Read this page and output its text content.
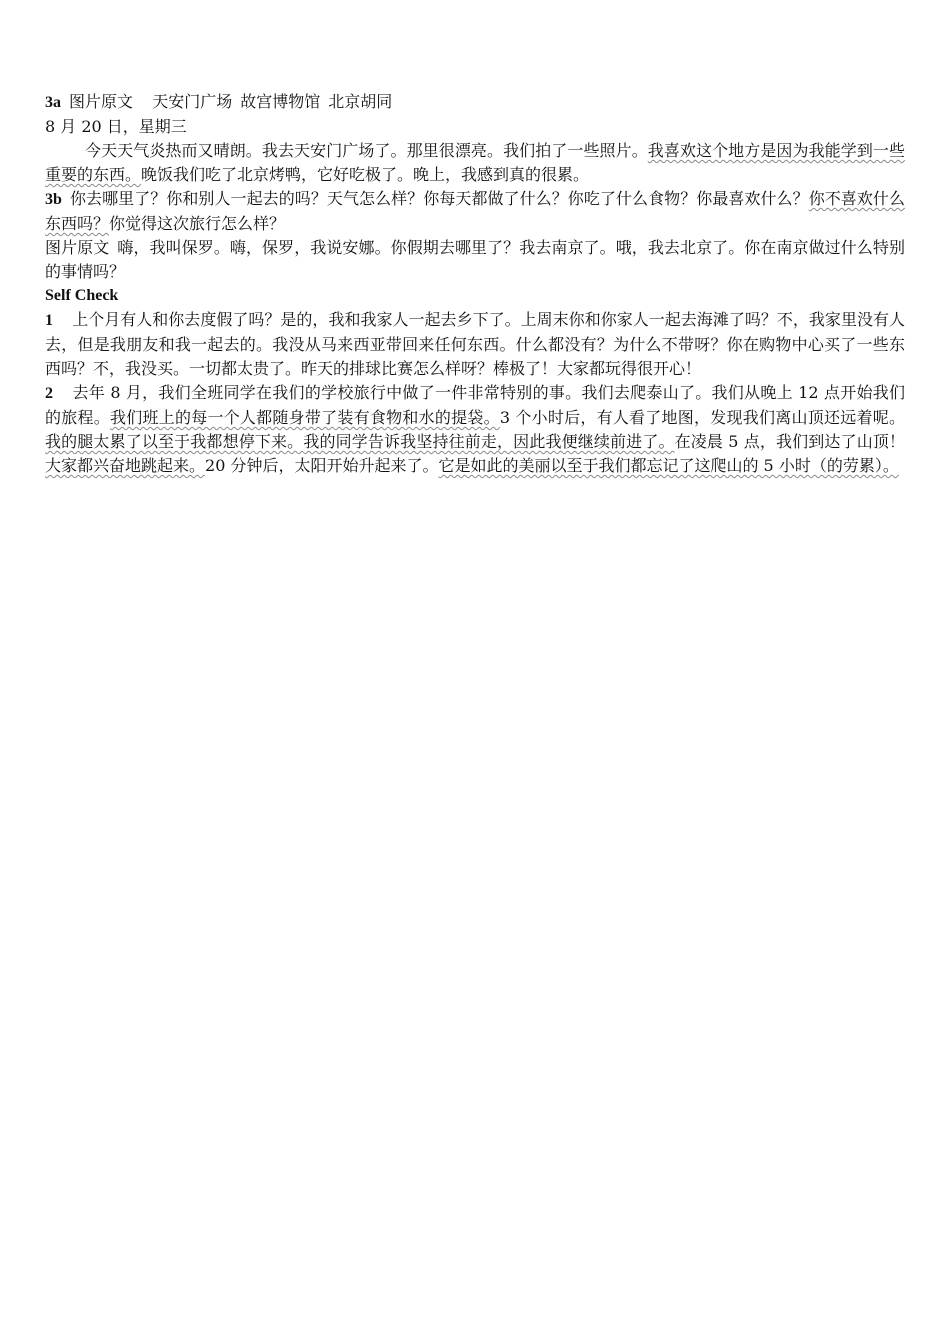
3a 图片原文 天安门广场 故宫博物馆 北京胡同

8 月 20 日，星期三

今天天气炎热而又晴朗。我去天安门广场了。那里很漂亮。我们拍了一些照片。我喜欢这个地方是因为我能学到一些重要的东西。晚饭我们吃了北京烤鸭，它好吃极了。晚上，我感到真的很累。

3b 你去哪里了？你和别人一起去的吗？天气怎么样？你每天都做了什么？你吃了什么食物？你最喜欢什么？你不喜欢什么东西吗？你觉得这次旅行怎么样？

图片原文 嗨，我叫保罗。嗨，保罗，我说安娜。你假期去哪里了？我去南京了。哦，我去北京了。你在南京做过什么特别的事情吗？

Self Check

1 上个月有人和你去度假了吗？是的，我和我家人一起去乡下了。上周末你和你家人一起去海滩了吗？不，我家里没有人去，但是我朋友和我一起去的。我没从马来西亚带回来任何东西。什么都没有？为什么不带呀？你在购物中心买了一些东西吗？不，我没买。一切都太贵了。昨天的排球比赛怎么样呀？棒极了！大家都玩得很开心！

2 去年 8 月，我们全班同学在我们的学校旅行中做了一件非常特别的事。我们去爬泰山了。我们从晚上 12 点开始我们的旅程。我们班上的每一个人都随身带了装有食物和水的提袋。3 个小时后，有人看了地图，发现我们离山顶还远着呢。我的腿太累了以至于我都想停下来。我的同学告诉我坚持往前走，因此我便继续前进了。在凌晨 5 点，我们到达了山顶！大家都兴奋地跳起来。20 分钟后，太阳开始升起来了。它是如此的美丽以至于我们都忘记了这爬山的 5 小时（的劳累）。
